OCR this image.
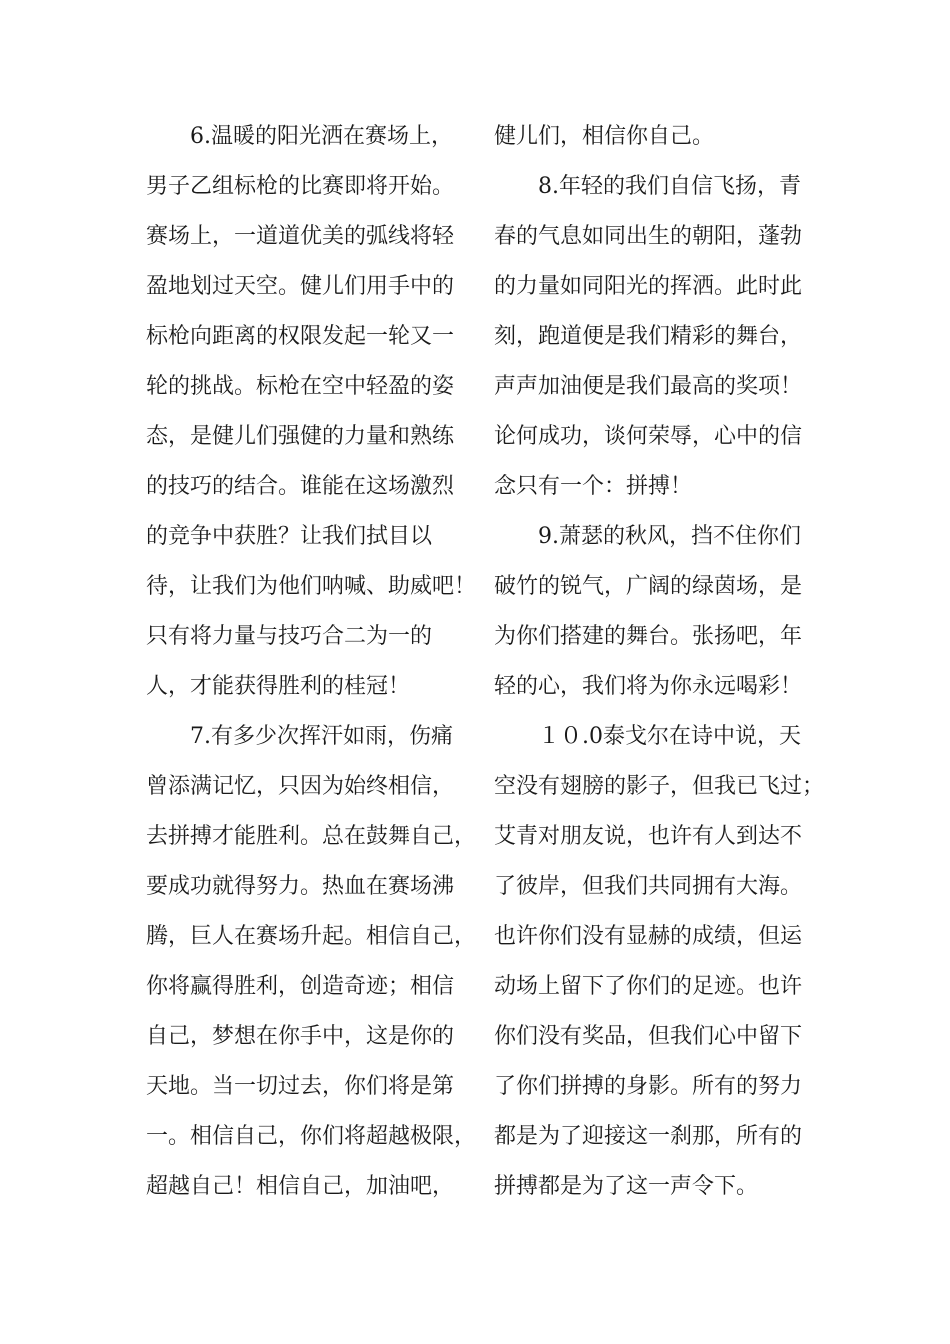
6.温暖的阳光洒在赛场上，
男子乙组标枪的比赛即将开始。
赛场上，一道道优美的弧线将轻
盈地划过天空。健儿们用手中的
标枪向距离的权限发起一轮又一
轮的挑战。标枪在空中轻盈的姿
态，是健儿们强健的力量和熟练
的技巧的结合。谁能在这场激烈
的竞争中获胜？让我们拭目以
待，让我们为他们呐喊、助威吧！
只有将力量与技巧合二为一的
人，才能获得胜利的桂冠！
7.有多少次挥汗如雨，伤痛
曾添满记忆，只因为始终相信，
去拼搏才能胜利。总在鼓舞自己，
要成功就得努力。热血在赛场沸
腾，巨人在赛场升起。相信自己，
你将赢得胜利，创造奇迹；相信
自己，梦想在你手中，这是你的
天地。当一切过去，你们将是第
一。相信自己，你们将超越极限，
超越自己！相信自己，加油吧，
健儿们，相信你自己。
8.年轻的我们自信飞扬，青
春的气息如同出生的朝阳，蓬勃
的力量如同阳光的挥洒。此时此
刻，跑道便是我们精彩的舞台，
声声加油便是我们最高的奖项！
论何成功，谈何荣辱，心中的信
念只有一个：拼搏！
9.萧瑟的秋风，挡不住你们
破竹的锐气，广阔的绿茵场，是
为你们搭建的舞台。张扬吧，年
轻的心，我们将为你永远喝彩！
１０.0泰戈尔在诗中说，天
空没有翅膀的影子，但我已飞过；
艾青对朋友说，也许有人到达不
了彼岸，但我们共同拥有大海。
也许你们没有显赫的成绩，但运
动场上留下了你们的足迹。也许
你们没有奖品，但我们心中留下
了你们拼搏的身影。所有的努力
都是为了迎接这一刹那，所有的
拼搏都是为了这一声令下。
